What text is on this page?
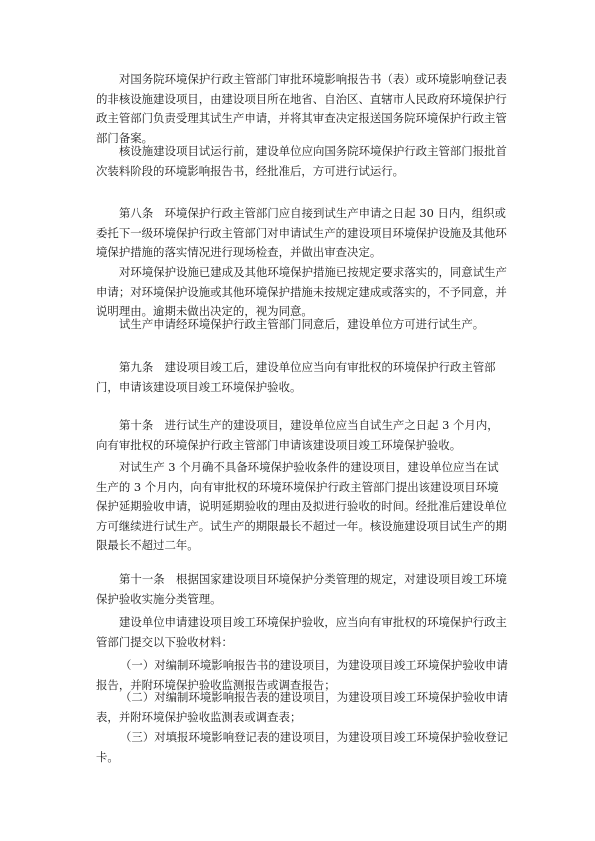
对国务院环境保护行政主管部门审批环境影响报告书（表）或环境影响登记表的非核设施建设项目，由建设项目所在地省、自治区、直辖市人民政府环境保护行政主管部门负责受理其试生产申请，并将其审查决定报送国务院环境保护行政主管部门备案。

核设施建设项目试运行前，建设单位应向国务院环境保护行政主管部门报批首次装料阶段的环境影响报告书，经批准后，方可进行试运行。

第八条　环境保护行政主管部门应自接到试生产申请之日起 30 日内，组织或委托下一级环境保护行政主管部门对申请试生产的建设项目环境保护设施及其他环境保护措施的落实情况进行现场检查，并做出审查决定。

对环境保护设施已建成及其他环境保护措施已按规定要求落实的，同意试生产申请；对环境保护设施或其他环境保护措施未按规定建成或落实的，不予同意，并说明理由。逾期未做出决定的，视为同意。

试生产申请经环境保护行政主管部门同意后，建设单位方可进行试生产。

第九条　建设项目竣工后，建设单位应当向有审批权的环境保护行政主管部门，申请该建设项目竣工环境保护验收。

第十条　进行试生产的建设项目，建设单位应当自试生产之日起 3 个月内，向有审批权的环境保护行政主管部门申请该建设项目竣工环境保护验收。

对试生产 3 个月确不具备环境保护验收条件的建设项目，建设单位应当在试生产的 3 个月内，向有审批权的环境环境保护行政主管部门提出该建设项目环境保护延期验收申请，说明延期验收的理由及拟进行验收的时间。经批准后建设单位方可继续进行试生产。试生产的期限最长不超过一年。核设施建设项目试生产的期限最长不超过二年。

第十一条　根据国家建设项目环境保护分类管理的规定，对建设项目竣工环境保护验收实施分类管理。

建设单位申请建设项目竣工环境保护验收，应当向有审批权的环境保护行政主管部门提交以下验收材料：

（一）对编制环境影响报告书的建设项目，为建设项目竣工环境保护验收申请报告，并附环境保护验收监测报告或调查报告；

（二）对编制环境影响报告表的建设项目，为建设项目竣工环境保护验收申请表，并附环境保护验收监测表或调查表；

（三）对填报环境影响登记表的建设项目，为建设项目竣工环境保护验收登记卡。
